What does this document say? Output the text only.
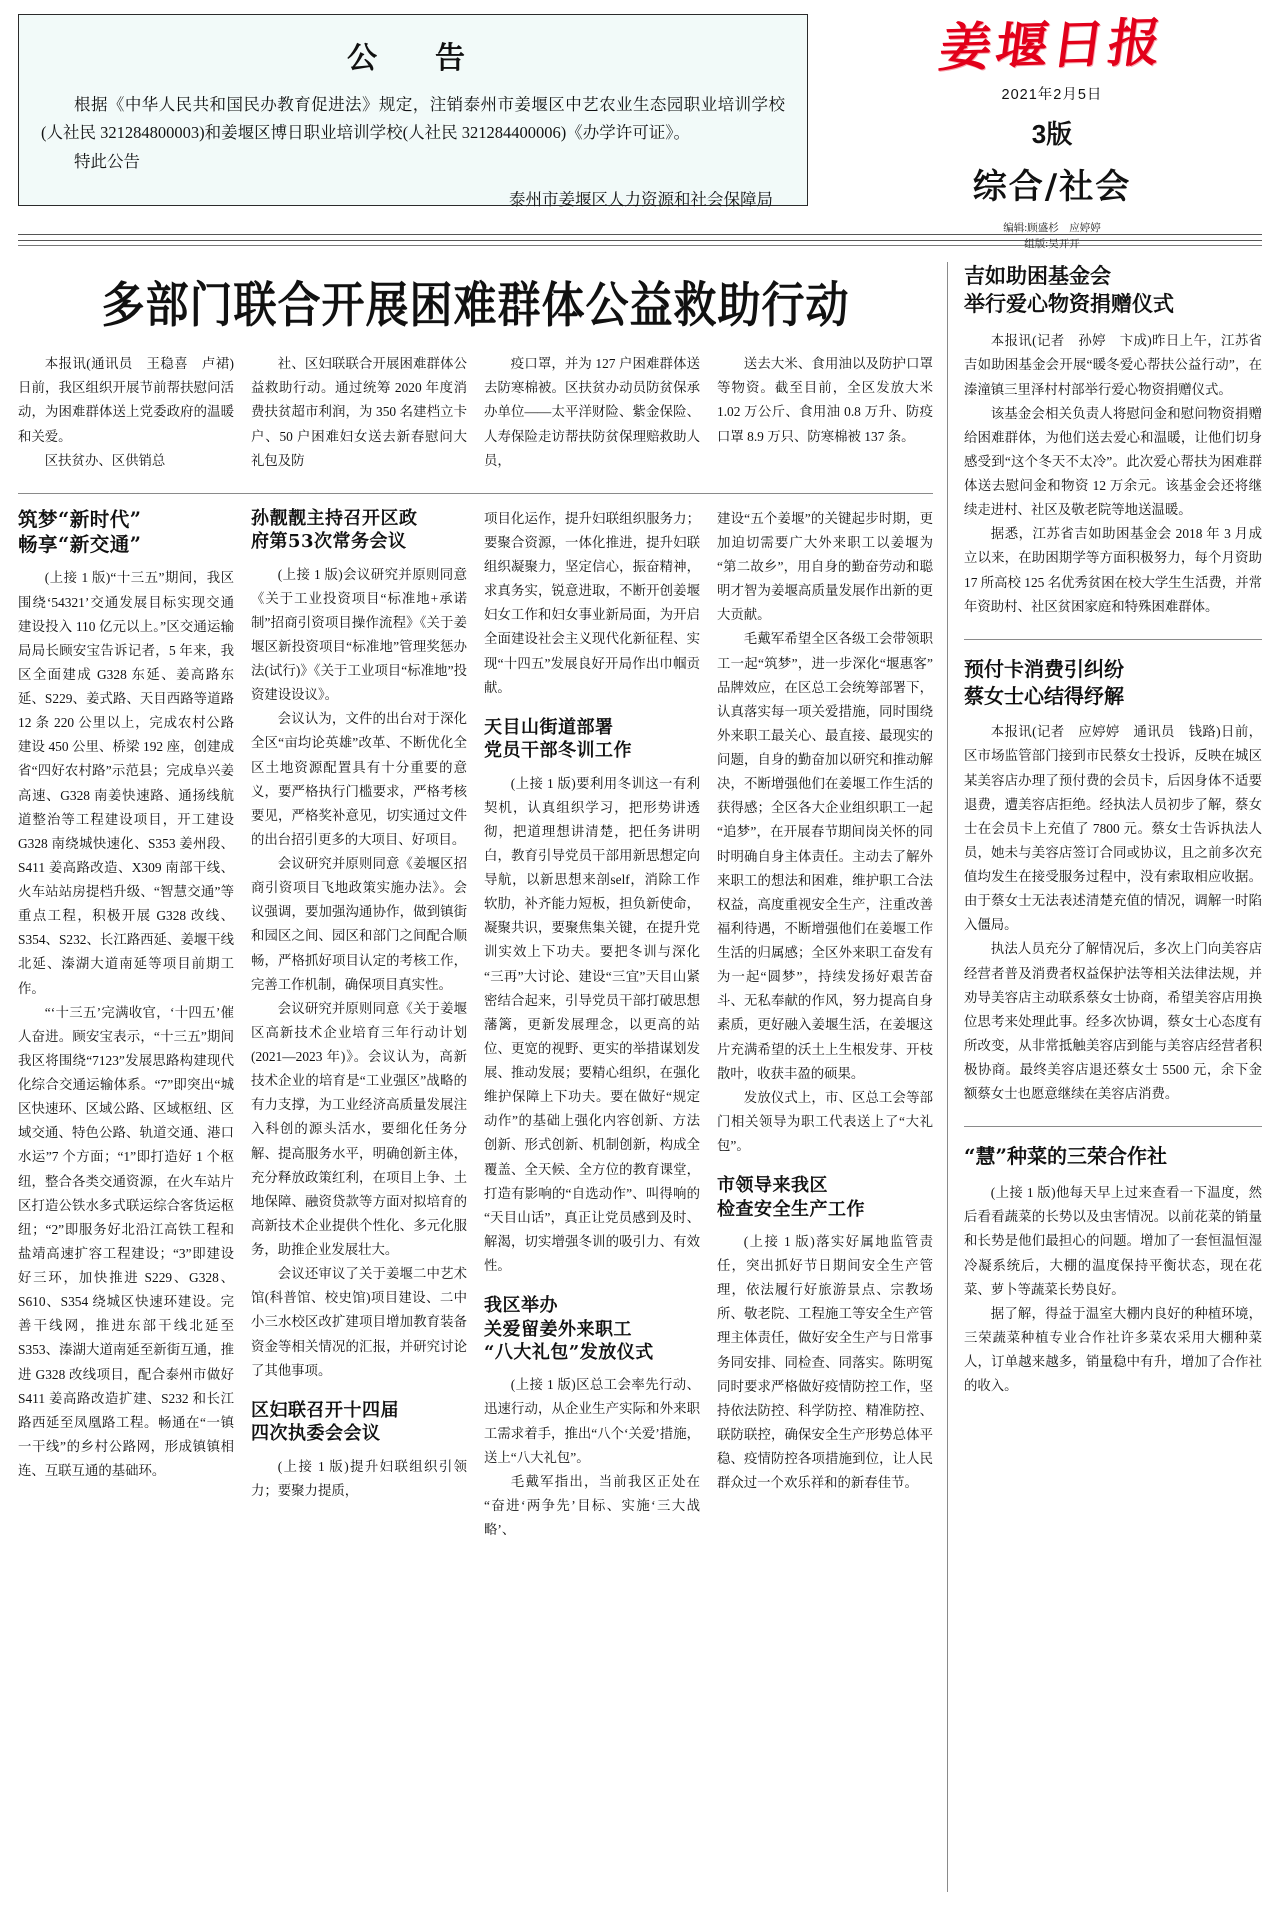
公　告

根据《中华人民共和国民办教育促进法》规定，注销泰州市姜堰区中艺农业生态园职业培训学校(人社民 321284800003)和姜堰区博日职业培训学校(人社民 321284400006)《办学许可证》。

特此公告

泰州市姜堰区人力资源和社会保障局
姜堰日报
2021年2月5日
3版
综合/社会
编辑:顾盛杉　应婷婷
组版:吴开开
多部门联合开展困难群体公益救助行动

本报讯(通讯员　王稳喜　卢裙)日前，我区组织开展节前帮扶慰问活动，为困难群体送上党委政府的温暖和关爱。

区扶贫办、区供销总

社、区妇联联合开展困难群体公益救助行动。通过统筹 2020 年度消费扶贫超市利润，为 350 名建档立卡户、50 户困难妇女送去新春慰问大礼包及防

疫口罩，并为 127 户困难群体送去防寒棉被。区扶贫办动员防贫保承办单位——太平洋财险、紫金保险、人寿保险走访帮扶防贫保理赔救助人员，

送去大米、食用油以及防护口罩等物资。截至目前，全区发放大米 1.02 万公斤、食用油 0.8 万升、防疫口罩 8.9 万只、防寒棉被 137 条。

筑梦“新时代”
畅享“新交通”

(上接 1 版)“十三五”期间，我区围绕‘54321’交通发展目标实现交通建设投入 110 亿元以上。”区交通运输局局长顾安宝告诉记者，5 年来，我区全面建成 G328 东延、姜高路东延、S229、姜式路、天目西路等道路 12 条 220 公里以上，完成农村公路建设 450 公里、桥梁 192 座，创建成省“四好农村路”示范县；完成阜兴姜高速、G328 南姜快速路、通扬线航道整治等工程建设项目，开工建设 G328 南绕城快速化、S353 姜州段、S411 姜高路改造、X309 南部干线、火车站站房提档升级、“智慧交通”等重点工程，积极开展 G328 改线、S354、S232、长江路西延、姜堰干线北延、溱湖大道南延等项目前期工作。

“‘十三五’完满收官，‘十四五’催人奋进。顾安宝表示，“十三五”期间我区将围绕“7123”发展思路构建现代化综合交通运输体系。“7”即突出“城区快速环、区域公路、区域枢纽、区域交通、特色公路、轨道交通、港口水运”7 个方面；“1”即打造好 1 个枢纽，整合各类交通资源，在火车站片区打造公铁水多式联运综合客货运枢纽；“2”即服务好北沿江高铁工程和盐靖高速扩容工程建设；“3”即建设好三环，加快推进 S229、G328、S610、S354 绕城区快速环建设。完善干线网，推进东部干线北延至 S353、溱湖大道南延至新街互通，推进 G328 改线项目，配合泰州市做好 S411 姜高路改造扩建、S232 和长江路西延至凤凰路工程。畅通在“一镇一干线”的乡村公路网，形成镇镇相连、互联互通的基础环。

孙靓靓主持召开区政
府第53次常务会议

(上接 1 版)会议研究并原则同意《关于工业投资项目“标准地+承诺制”招商引资项目操作流程》《关于姜堰区新投资项目“标准地”管理奖惩办法(试行)》《关于工业项目“标准地”投资建设设议》。

会议认为，文件的出台对于深化全区“亩均论英雄”改革、不断优化全区土地资源配置具有十分重要的意义，要严格执行门槛要求，严格考核要见，严格奖补意见，切实通过文件的出台招引更多的大项目、好项目。

会议研究并原则同意《姜堰区招商引资项目飞地政策实施办法》。会议强调，要加强沟通协作，做到镇街和园区之间、园区和部门之间配合顺畅，严格抓好项目认定的考核工作，完善工作机制，确保项目真实性。

会议研究并原则同意《关于姜堰区高新技术企业培育三年行动计划(2021—2023 年)》。会议认为，高新技术企业的培育是“工业强区”战略的有力支撑，为工业经济高质量发展注入科创的源头活水，要细化任务分解、提高服务水平，明确创新主体，充分释放政策红利，在项目上争、土地保障、融资贷款等方面对拟培育的高新技术企业提供个性化、多元化服务，助推企业发展壮大。

会议还审议了关于姜堰二中艺术馆(科普馆、校史馆)项目建设、二中小三水校区改扩建项目增加教育装备资金等相关情况的汇报，并研究讨论了其他事项。

区妇联召开十四届
四次执委会会议

(上接 1 版)提升妇联组织引领力；要聚力提质，

项目化运作，提升妇联组织服务力；要聚合资源，一体化推进，提升妇联组织凝聚力，坚定信心，振奋精神，求真务实，锐意进取，不断开创姜堰妇女工作和妇女事业新局面，为开启全面建设社会主义现代化新征程、实现“十四五”发展良好开局作出巾帼贡献。

天目山街道部署
党员干部冬训工作

(上接 1 版)要利用冬训这一有利契机，认真组织学习，把形势讲透彻，把道理想讲清楚，把任务讲明白，教育引导党员干部用新思想定向导航，以新思想来剖self，消除工作软肋，补齐能力短板，担负新使命，凝聚共识，要聚焦集关键，在提升党训实效上下功夫。要把冬训与深化“三再”大讨论、建设“三宜”天目山紧密结合起来，引导党员干部打破思想藩篱，更新发展理念，以更高的站位、更宽的视野、更实的举措谋划发展、推动发展；要精心组织，在强化维护保障上下功夫。要在做好“规定动作”的基础上强化内容创新、方法创新、形式创新、机制创新，构成全覆盖、全天候、全方位的教育课堂，打造有影响的“自选动作”、叫得响的“天目山话”，真正让党员感到及时、解渴，切实增强冬训的吸引力、有效性。

我区举办
关爱留姜外来职工
“八大礼包”发放仪式

(上接 1 版)区总工会率先行动、迅速行动，从企业生产实际和外来职工需求着手，推出“八个‘关爱’措施，送上“八大礼包”。

毛戴军指出，当前我区正处在“奋进‘两争先’目标、实施‘三大战略’、

建设“五个姜堰”的关键起步时期，更加迫切需要广大外来职工以姜堰为“第二故乡”，用自身的勤奋劳动和聪明才智为姜堰高质量发展作出新的更大贡献。

毛戴军希望全区各级工会带领职工一起“筑梦”，进一步深化“堰惠客”品牌效应，在区总工会统筹部署下，认真落实每一项关爱措施，同时围绕外来职工最关心、最直接、最现实的问题，自身的勤奋加以研究和推动解决，不断增强他们在姜堰工作生活的获得感；全区各大企业组织职工一起“追梦”，在开展春节期间岗关怀的同时明确自身主体责任。主动去了解外来职工的想法和困难，维护职工合法权益，高度重视安全生产，注重改善福利待遇，不断增强他们在姜堰工作生活的归属感；全区外来职工奋发有为一起“圆梦”，持续发扬好艰苦奋斗、无私奉献的作风，努力提高自身素质，更好融入姜堰生活，在姜堰这片充满希望的沃土上生根发芽、开枝散叶，收获丰盈的硕果。

发放仪式上，市、区总工会等部门相关领导为职工代表送上了“大礼包”。

市领导来我区
检查安全生产工作

(上接 1 版)落实好属地监管责任，突出抓好节日期间安全生产管理，依法履行好旅游景点、宗教场所、敬老院、工程施工等安全生产管理主体责任，做好安全生产与日常事务同安排、同检查、同落实。陈明冤同时要求严格做好疫情防控工作，坚持依法防控、科学防控、精准防控、联防联控，确保安全生产形势总体平稳、疫情防控各项措施到位，让人民群众过一个欢乐祥和的新春佳节。

吉如助困基金会
举行爱心物资捐赠仪式

本报讯(记者　孙婷　卞成)昨日上午，江苏省吉如助困基金会开展“暖冬爱心帮扶公益行动”，在溱潼镇三里泽村村部举行爱心物资捐赠仪式。

该基金会相关负责人将慰问金和慰问物资捐赠给困难群体，为他们送去爱心和温暖，让他们切身感受到“这个冬天不太冷”。此次爱心帮扶为困难群体送去慰问金和物资 12 万余元。该基金会还将继续走进村、社区及敬老院等地送温暖。

据悉，江苏省吉如助困基金会 2018 年 3 月成立以来，在助困期学等方面积极努力，每个月资助 17 所高校 125 名优秀贫困在校大学生生活费，并常年资助村、社区贫困家庭和特殊困难群体。

预付卡消费引纠纷
蔡女士心结得纾解

本报讯(记者　应婷婷　通讯员　钱路)日前，区市场监管部门接到市民蔡女士投诉，反映在城区某美容店办理了预付费的会员卡，后因身体不适要退费，遭美容店拒绝。经执法人员初步了解，蔡女士在会员卡上充值了 7800 元。蔡女士告诉执法人员，她未与美容店签订合同或协议，且之前多次充值均发生在接受服务过程中，没有索取相应收据。由于蔡女士无法表述清楚充值的情况，调解一时陷入僵局。

执法人员充分了解情况后，多次上门向美容店经营者普及消费者权益保护法等相关法律法规，并劝导美容店主动联系蔡女士协商，希望美容店用换位思考来处理此事。经多次协调，蔡女士心态度有所改变，从非常抵触美容店到能与美容店经营者积极协商。最终美容店退还蔡女士 5500 元，余下金额蔡女士也愿意继续在美容店消费。

“慧”种菜的三荣合作社

(上接 1 版)他每天早上过来查看一下温度，然后看看蔬菜的长势以及虫害情况。以前花菜的销量和长势是他们最担心的问题。增加了一套恒温恒湿冷凝系统后，大棚的温度保持平衡状态，现在花菜、萝卜等蔬菜长势良好。

据了解，得益于温室大棚内良好的种植环境，三荣蔬菜种植专业合作社许多菜农采用大棚种菜人，订单越来越多，销量稳中有升，增加了合作社的收入。
